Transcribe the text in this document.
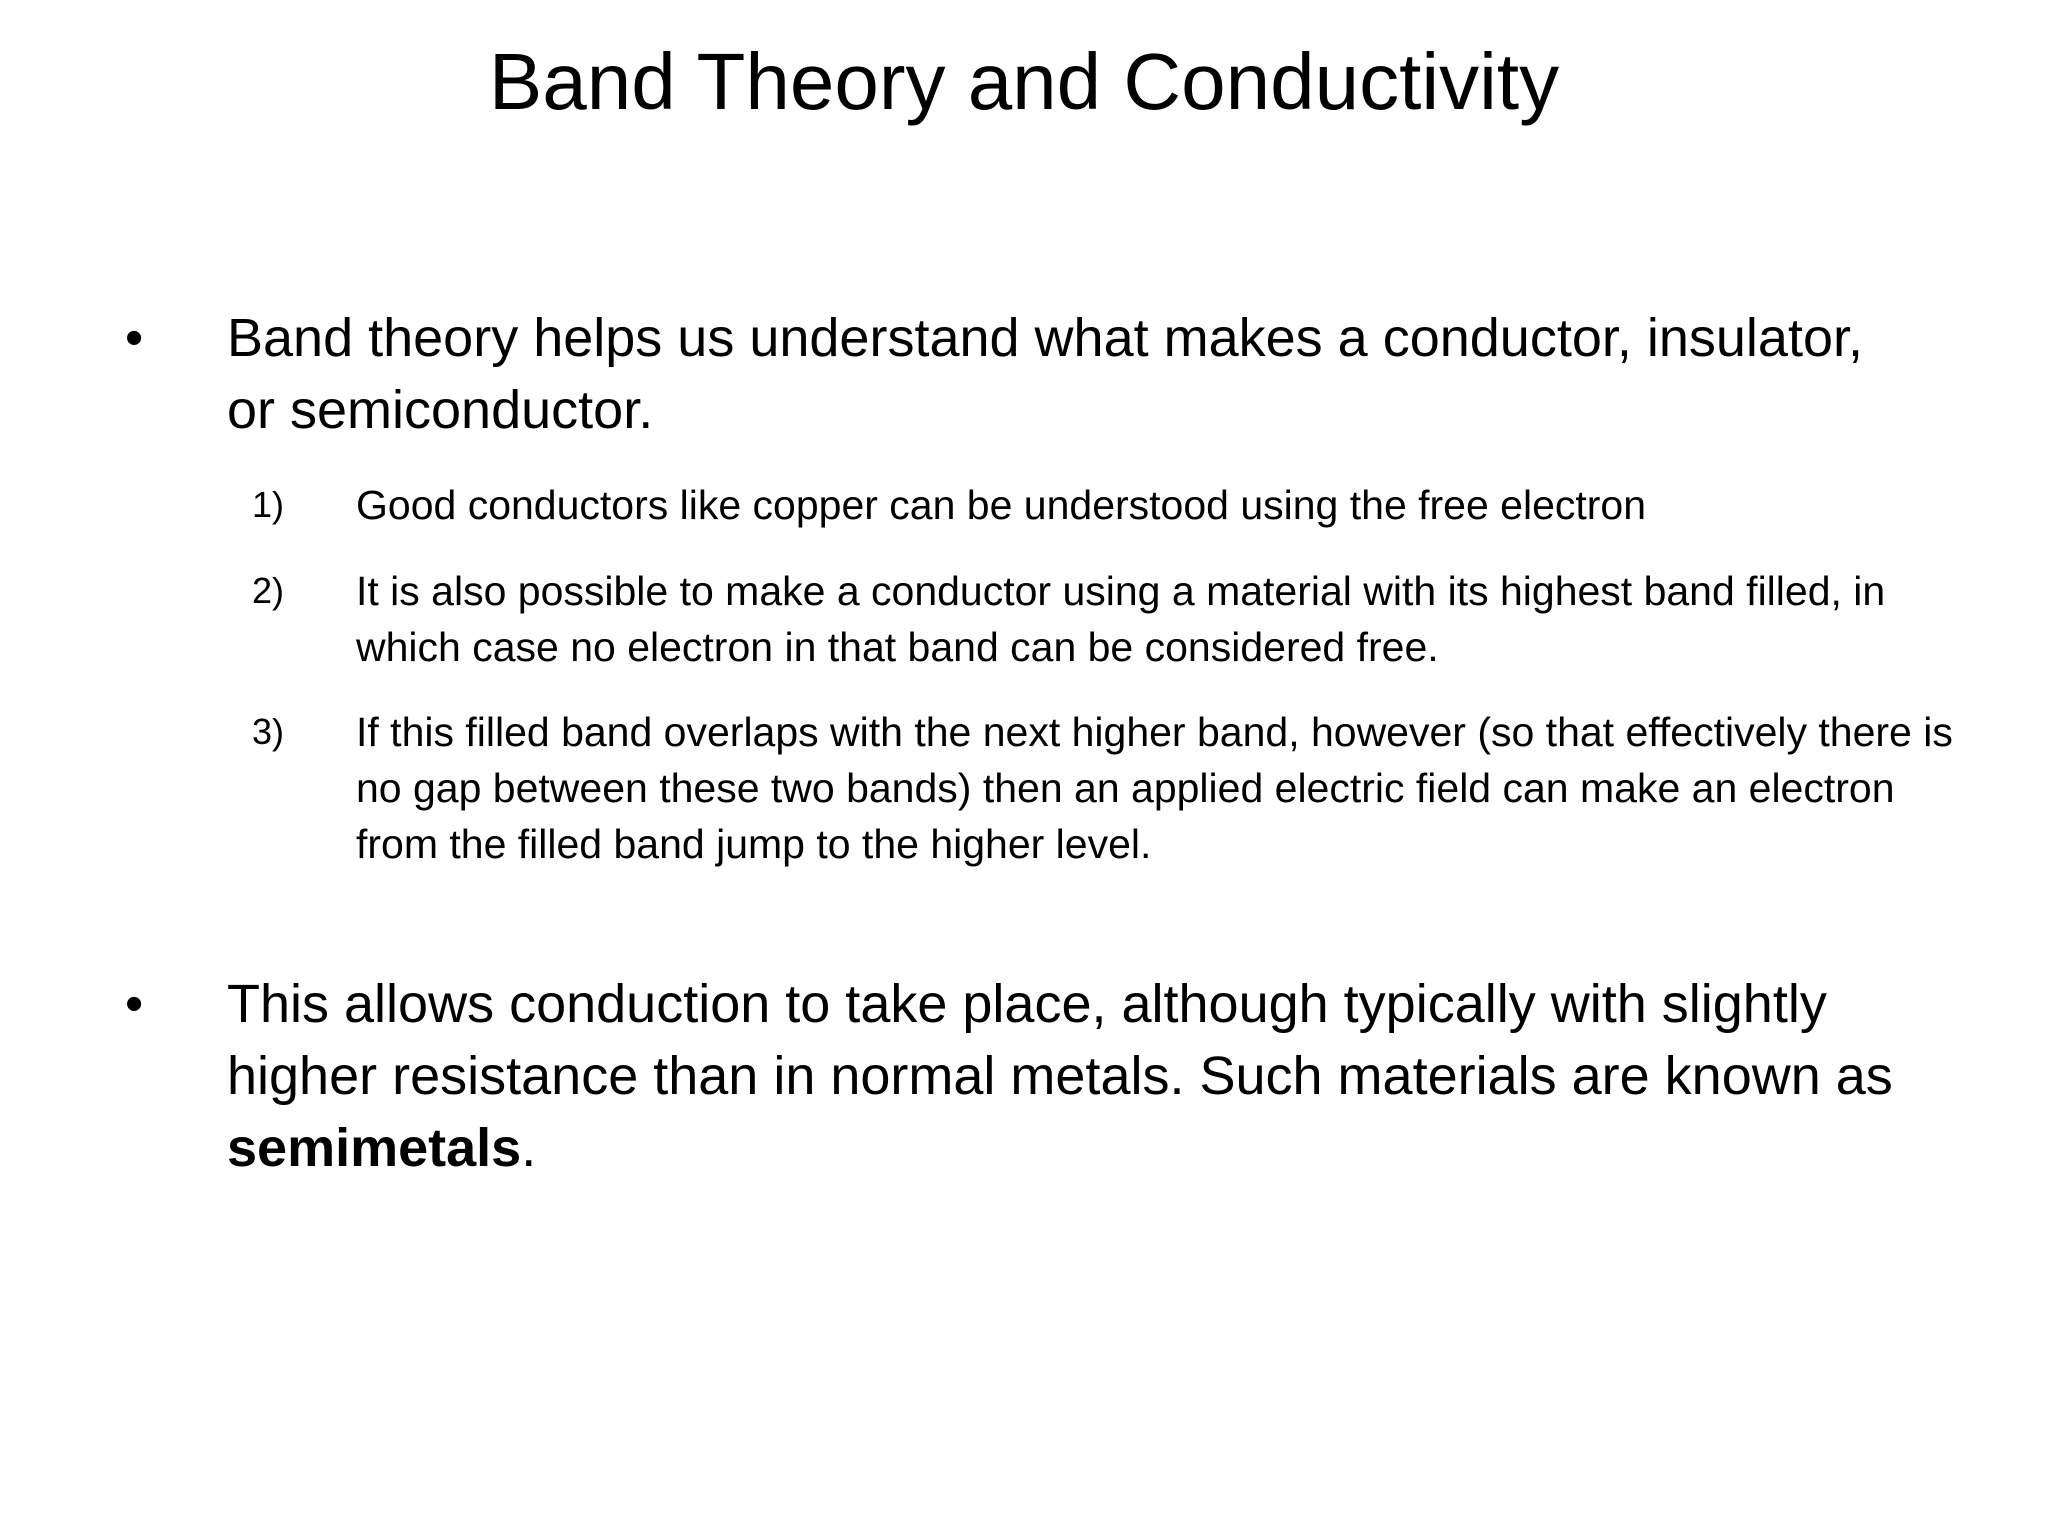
Band Theory and Conductivity
•	Band theory helps us understand what makes a conductor, insulator, or semiconductor.
1) Good conductors like copper can be understood using the free electron
2) It is also possible to make a conductor using a material with its highest band filled, in which case no electron in that band can be considered free.
3) If this filled band overlaps with the next higher band, however (so that effectively there is no gap between these two bands) then an applied electric field can make an electron from the filled band jump to the higher level.
•	This allows conduction to take place, although typically with slightly higher resistance than in normal metals. Such materials are known as semimetals.
